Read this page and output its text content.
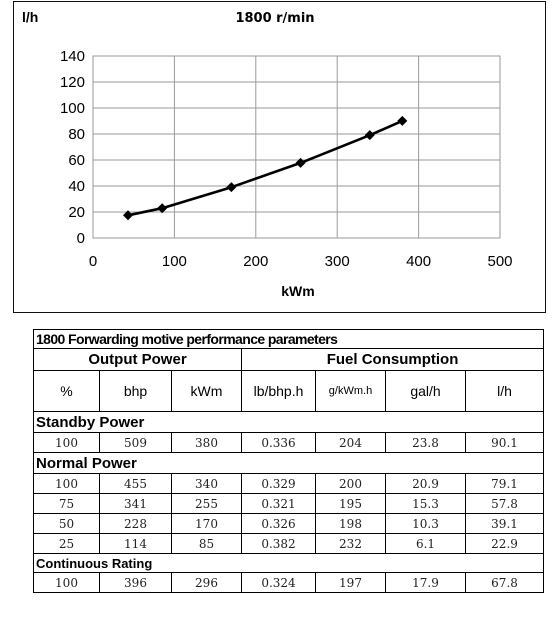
0
20
40
60
80
100
120
140
0	100	200	300	400	500
1800 r/min
l/h
kWm
1800 Forwarding motive performance parameters						
Output Power			Fuel Consumption			
%	bhp	kWm	lb/bhp.h	g/kWm.h	gal/h	l/h
Standby Power						
100	509	380	0.336	204	23.8	90.1
Normal Power						
100	455	340	0.329	200	20.9	79.1
75	341	255	0.321	195	15.3	57.8
50	228	170	0.326	198	10.3	39.1
25	114	85	0.382	232	6.1	22.9
Continuous Rating						
100	396	296	0.324	197	17.9	67.8
